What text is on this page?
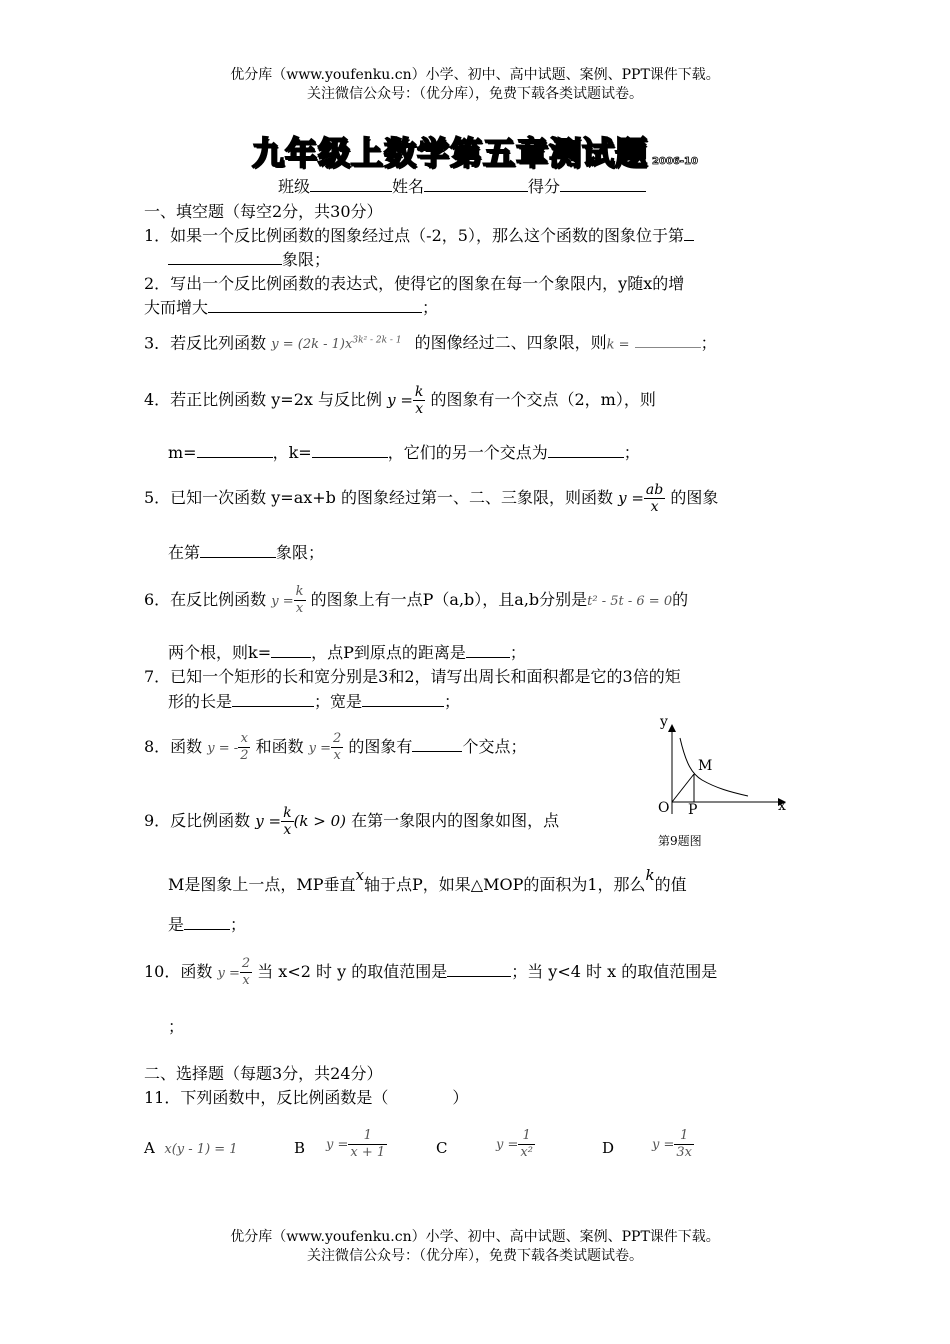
优分库（www.youfenku.cn）小学、初中、高中试题、案例、PPT课件下载。
关注微信公众号：（优分库），免费下载各类试题试卷。
九年级上数学第五章测试题 2006-10
班级	姓名	得分
一、填空题（每空2分，共30分）
1．如果一个反比例函数的图象经过点（-2，5），那么这个函数的图象位于第
象限；
2．写出一个反比例函数的表达式，使得它的图象在每一个象限内，y随x的增
大而增大	；
3．若反比列函数 $y = (2k - 1)x^{3k^2 - 2k - 1}$ 的图像经过二、四象限，则k =	；
4．若正比例函数 y=2x 与反比例 $y = \frac{k}{x}$ 的图象有一个交点（2，m），则
m=	，k=	，它们的另一个交点为	；
5．已知一次函数 y=ax+b 的图象经过第一、二、三象限，则函数 $y = \frac{ab}{x}$ 的图象
在第	象限；
6．在反比例函数 $y = \frac{k}{x}$ 的图象上有一点P（a,b），且a,b分别是t² - 5t - 6 = 0的
两个根，则k=	，点P到原点的距离是	；
7．已知一个矩形的长和宽分别是3和2，请写出周长和面积都是它的3倍的矩
形的长是	；宽是	；
8．函数 y = - $\frac{x}{2}$ 和函数 $y = \frac{2}{x}$ 的图象有	个交点；
9．反比例函数 $y = \frac{k}{x} (k > 0)$ 在第一象限内的图象如图，点
M是图象上一点，MP垂直x轴于点P，如果△MOP的面积为1，那么k的值
是	；
y
x
O P
M
第9题图
10．函数 $y = \frac{2}{x}$ 当 x<2 时 y 的取值范围是	；当 y<4 时 x 的取值范围是
；
二、选择题（每题3分，共24分）
11．下列函数中，反比例函数是（　　　　）
A x(y - 1) = 1	B $y = \frac{1}{x + 1}$	C	$y = \frac{1}{\text{x²}}$	D	$y = \frac{1}{3x}$
优分库（www.youfenku.cn）小学、初中、高中试题、案例、PPT课件下载。
关注微信公众号：（优分库），免费下载各类试题试卷。
